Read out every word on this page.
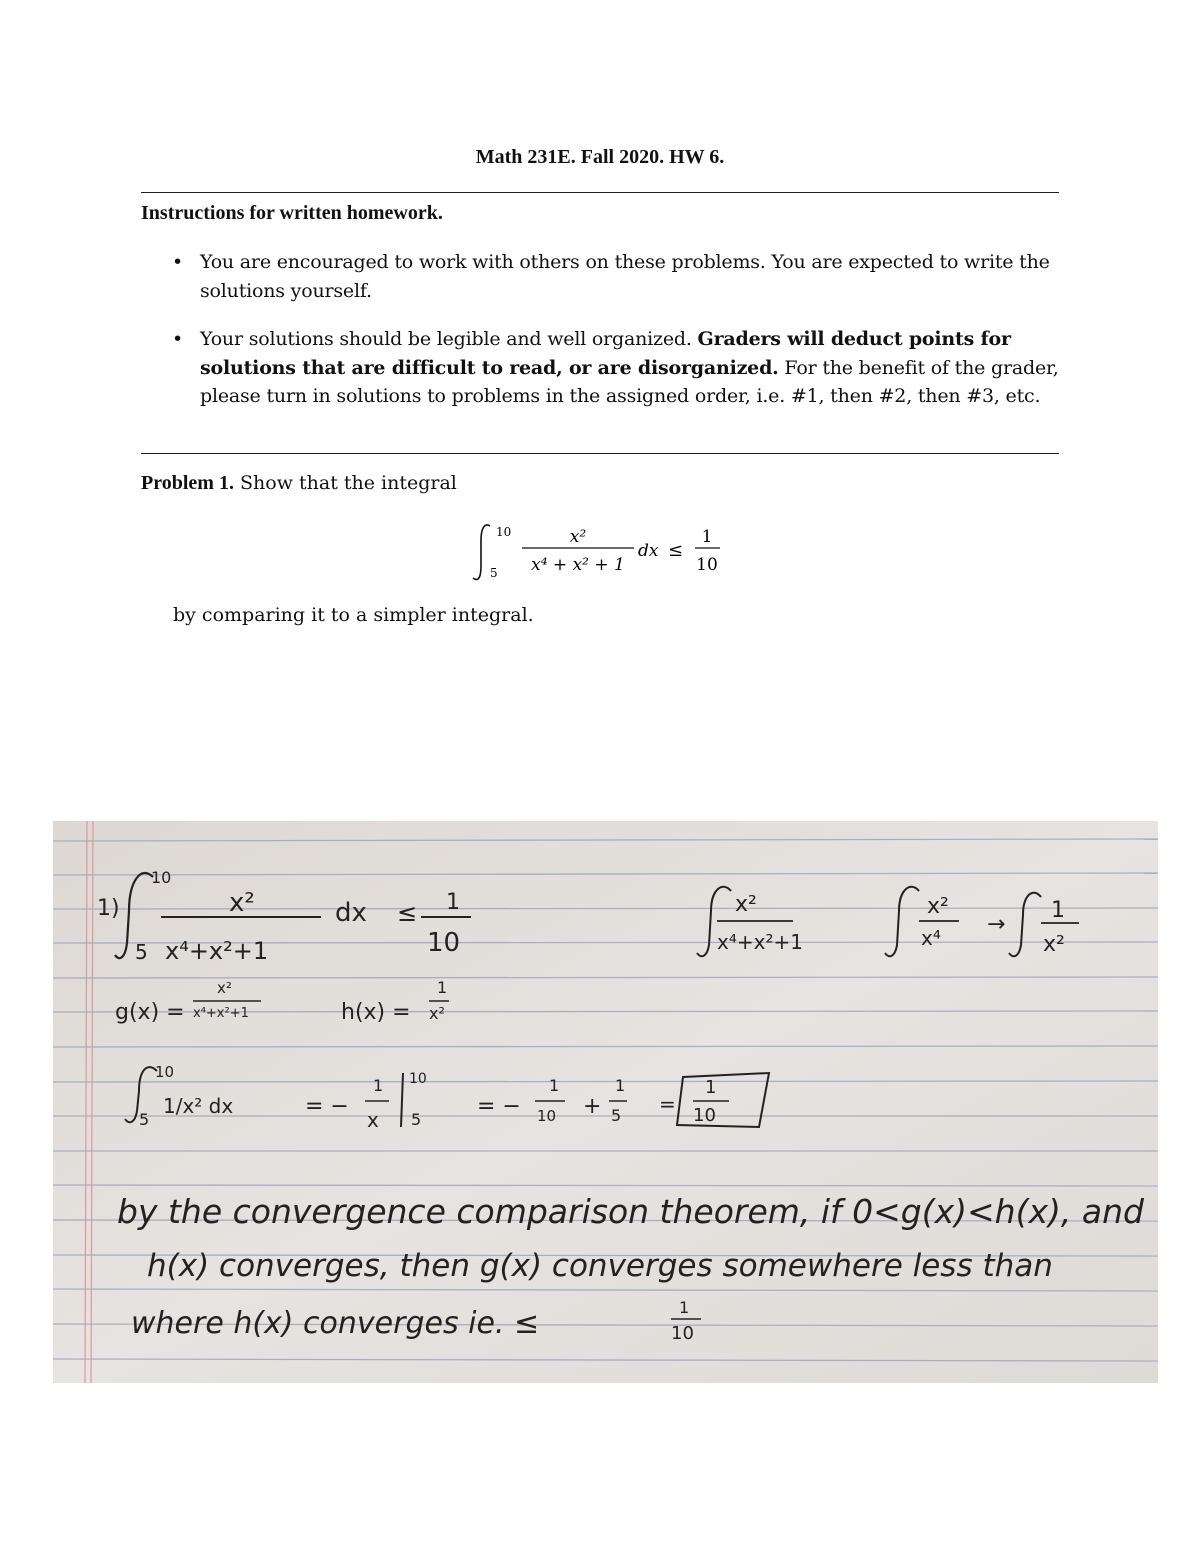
Math 231E. Fall 2020. HW 6.
Instructions for written homework.
• You are encouraged to work with others on these problems. You are expected to write the solutions yourself.
• Your solutions should be legible and well organized. Graders will deduct points for solutions that are difficult to read, or are disorganized. For the benefit of the grader, please turn in solutions to problems in the assigned order, i.e. #1, then #2, then #3, etc.
Problem 1. Show that the integral
10
5
x²
x⁴ + x² + 1
dx ≤
1
10
by comparing it to a simpler integral.
1)
10
5
x²
x⁴+x²+1
dx ≤ 1
10
x²
x⁴+x²+1
x²
x⁴
→
1
x²
g(x) =
x²
x⁴+x²+1	h(x) =
1
x²
10
5
1/x² dx	= −
1
x
10
5
= −
1
10 +
1
5 =
1
10
by the convergence comparison theorem, if 0<g(x)<h(x), and
h(x) converges, then g(x) converges somewhere less than
where h(x) converges ie. ≤	1
10
